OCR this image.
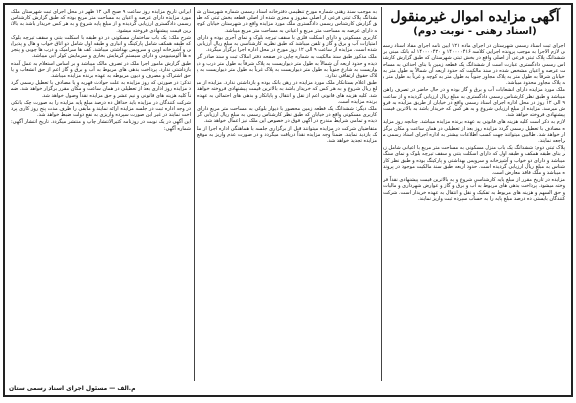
آگهی مزایده اموال غیرمنقول

(اسناد رهنی - نوبت دوم)

اجرای ثبت اسناد رسمی شهرستان در اجرای ماده ۱۲۱ آیین نامه اجرای مفاد اسناد رسمی لازم الاجرا به موجب پرونده اجرایی کلاسه ۱۴۰۰۰۰۴۱۶ و ۱۴۰۰۰۰۴۲۰ له بانک مبنی بر ششدانگ پلاک ثبتی فرعی از اصلی واقع در بخش ثبتی شهرستان که طبق گزارش کارشناس رسمی دادگستری عبارت است از ششدانگ یک قطعه زمین با بنای احداثی به مساحت عرصه و اعیان مشخص شده در سند مالکیت که حدود اربعه آن شمالاً به طول متر به خیابان شرقاً به طول متر به پلاک مجاور جنوباً به طول متر به کوچه و غرباً به طول متر به پلاک مجاور محدود میباشد.

ملک مورد مزایده دارای انشعابات آب و برق و گاز بوده و در حال حاضر در تصرف راهن میباشد و طبق نظر کارشناس رسمی دادگستری به مبلغ ریال ارزیابی گردیده و از ساعت ۹ الی ۱۲ روز در محل اداره اجرای اسناد رسمی واقع در خیابان از طریق مزایده به فروش میرسد. مزایده از مبلغ ارزیابی شروع و به هر کس که خریدار باشد به بالاترین قیمت پیشنهادی فروخته خواهد شد.

لازم به ذکر است کلیه هزینه های قانونی به عهده برنده مزایده میباشد. چنانچه روز مزایده مصادف با تعطیل رسمی گردد مزایده روز بعد از تعطیلی در همان ساعت و مکان برگزار خواهد شد. طالبین میتوانند جهت کسب اطلاعات بیشتر به اداره اجرای اسناد رسمی مراجعه نمایند.

پلاک ثبتی دوم: ششدانگ یک باب منزل مسکونی به مساحت متر مربع با اعیانی شامل زیر بنای طبقه همکف و طبقه اول که دارای اسکلت بتنی و سقف تیرچه بلوک و نمای سنگ میباشد و دارای دو خواب و آشپزخانه و سرویس بهداشتی و پارکینگ بوده و طبق نظر کارشناس به مبلغ ریال ارزیابی گردیده است. حدود اربعه طبق سند مالکیت موجود در پرونده میباشد و ملک فاقد معارض است.

مزایده در تاریخ مقرر از مبلغ پایه کارشناسی شروع و به بالاترین قیمت پیشنهادی نقداً فروخته میشود. پرداخت بدهی های مربوط به آب و برق و گاز و عوارض شهرداری و مالیات و حق السهم و هزینه های مربوط به تفکیک و نقل و انتقال به عهده خریدار است. شرکت کنندگان بایستی ده درصد مبلغ پایه را به حساب سپرده ثبت واریز نمایند.

به موجب سند رهنی شماره مورخ تنظیمی دفترخانه اسناد رسمی شماره شهرستان ششدانگ پلاک ثبتی فرعی از اصلی مفروز و مجزی شده از اصلی قطعه بخش ثبتی که طبق گزارش کارشناس رسمی دادگستری ملک مورد مزایده واقع در شهرستان خیابان کوچه دارای عرصه به مساحت متر مربع و اعیانی به مساحت متر مربع میباشد.

کاربری مسکونی و دارای اسکلت فلزی با سقف تیرچه بلوک و نمای آجری بوده و دارای امتیازات آب و برق و گاز و تلفن میباشد که طبق نظریه کارشناسی به مبلغ ریال ارزیابی شده است. مزایده از ساعت ۹ الی ۱۲ روز مورخ در محل اداره اجرا برگزار میگردد.

ملک مذکور طبق سند مالکیت به شماره چاپی در صفحه دفتر املاک ثبت و سند صادر گردیده و حدود اربعه آن شمالاً به طول متر دیواریست به پلاک شرقاً به طول متر درب و دیواریست به شارع جنوباً به طول متر دیواریست به پلاک غرباً به طول متر دیواریست به پلاک حقوق ارتفاقی ندارد.

طبق اعلام بستانکار ملک مورد مزایده در رهن بانک بوده و بازداشتی ندارد. مزایده از مبلغ ریال شروع و به هر کس که خریدار باشد به بالاترین قیمت پیشنهادی فروخته خواهد شد. کلیه هزینه های قانونی اعم از نقل و انتقال و پایانکار و بدهی های احتمالی به عهده برنده مزایده است.

ملک دیگر: ششدانگ یک قطعه زمین محصور با دیوار بلوکی به مساحت متر مربع دارای کاربری مسکونی واقع در خیابان که طبق نظر کارشناس رسمی به مبلغ ریال ارزیابی گردیده و تمامی شرایط مندرج در آگهی فوق در خصوص این ملک نیز اعمال خواهد شد.

متقاضیان شرکت در مزایده میتوانند قبل از برگزاری جلسه با هماهنگی اداره اجرا از ملک بازدید نمایند. ضمناً وجه مزایده نقداً دریافت میگردد و در صورت عدم واریز به موقع مزایده تجدید خواهد شد.

ایرانی تاریخ مزایده روز ساعت ۹ صبح الی ۱۲ ظهر در محل اجرای ثبت شهرستان ملک مورد مزایده دارای عرصه و اعیان به مساحت متر مربع بوده که طبق گزارش کارشناس رسمی دادگستری ارزیابی گردیده و از مبلغ پایه شروع و به هر کس خریدار باشد به بالاترین قیمت پیشنهادی فروخته میشود.

شرح ملک: یک باب ساختمان مسکونی در دو طبقه با اسکلت بتنی و سقف تیرچه بلوک که طبقه همکف شامل پارکینگ و انباری و طبقه اول شامل دو اتاق خواب و هال و پذیرایی و آشپزخانه اوپن و سرویس بهداشتی میباشد. کف ها سرامیک و درب ها چوبی و پنجره ها آلومینیومی و دارای سیستم گرمایش بخاری و سرمایش کولر آبی میباشد.

طبق گزارش مامور اجرا ملک در تصرف مالک میباشد و بر اساس استعلام به عمل آمده بازداشتی ندارد. پرداخت بدهی های مربوط به آب و برق و گاز اعم از حق انشعاب و یا حق اشتراک و مصرف و دیون مربوطه به عهده برنده مزایده میباشد.

تذکر: در صورتی که روز مزایده به علت حوادث قهریه و یا مصادف با تعطیل رسمی گردد مزایده روز اداری بعد از تعطیلی در همان ساعت و مکان مقرر برگزار خواهد شد. ضمناً کلیه هزینه های قانونی و نیم عشر و حق مزایده نقداً وصول خواهد شد.

شرکت کنندگان در مزایده باید حداقل ده درصد مبلغ پایه مزایده را به صورت چک بانکی در وجه اداره ثبت در جلسه مزایده ارائه نمایند و مابقی را ظرف مدت پنج روز کاری پرداخت نمایند در غیر این صورت سپرده واریزی به نفع دولت ضبط خواهد شد.

این آگهی در یک نوبت در روزنامه کثیرالانتشار چاپ و منتشر میگردد. تاریخ انتشار آگهی: شماره آگهی:

م.الف — مسئول اجرای اسناد رسمی ستان
